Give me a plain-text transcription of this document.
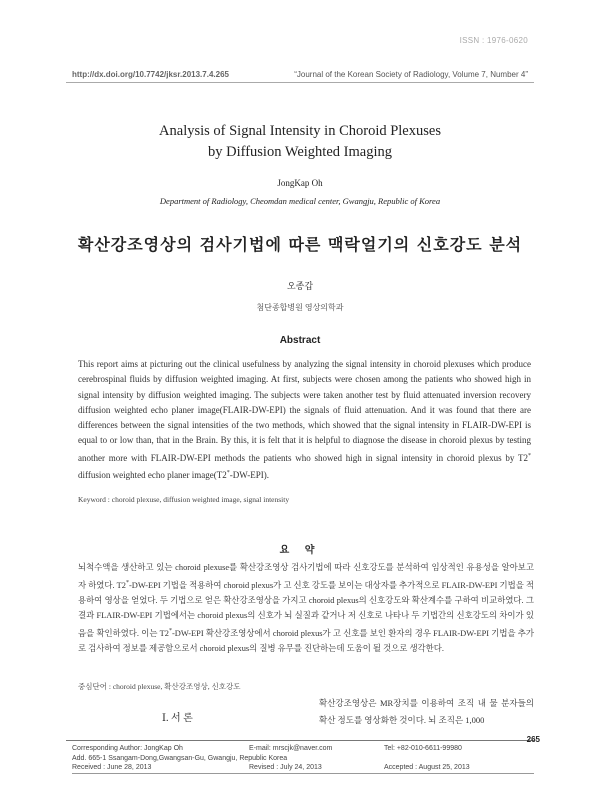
ISSN : 1976-0620
http://dx.doi.org/10.7742/jksr.2013.7.4.265	“Journal of the Korean Society of Radiology, Volume 7, Number 4”
Analysis of Signal Intensity in Choroid Plexuses
by Diffusion Weighted Imaging
JongKap Oh
Department of Radiology, Cheomdan medical center, Gwangju, Republic of Korea
확산강조영상의 검사기법에 따른 맥락얼기의 신호강도 분석
오종갑
첨단종합병원 영상의학과
Abstract

This report aims at picturing out the clinical usefulness by analyzing the signal intensity in choroid plexuses which produce cerebrospinal fluids by diffusion weighted imaging. At first, subjects were chosen among the patients who showed high in signal intensity by diffusion weighted imaging. The subjects were taken another test by fluid attenuated inversion recovery diffusion weighted echo planer image(FLAIR-DW-EPI) the signals of fluid attenuation. And it was found that there are differences between the signal intensities of the two methods, which showed that the signal intensity in FLAIR-DW-EPI is equal to or low than, that in the Brain. By this, it is felt that it is helpful to diagnose the disease in choroid plexus by testing another more with FLAIR-DW-EPI methods the patients who showed high in signal intensity in choroid plexus by T2* diffusion weighted echo planer image(T2*-DW-EPI).

Keyword : choroid plexuse, diffusion weighted image, signal intensity
요 약

뇌척수액을 생산하고 있는 choroid plexuse를 확산강조영상 검사기법에 따라 신호강도를 분석하여 임상적인 유용성을 알아보고자 하였다. T2*-DW-EPI 기법을 적용하여 choroid plexus가 고 신호 강도를 보이는 대상자를 추가적으로 FLAIR-DW-EPI 기법을 적용하여 영상을 얻었다. 두 기법으로 얻은 확산강조영상을 가지고 choroid plexus의 신호강도와 확산계수를 구하여 비교하였다. 그 결과 FLAIR-DW-EPI 기법에서는 choroid plexus의 신호가 뇌 실질과 같거나 저 신호로 나타나 두 기법간의 신호강도의 차이가 있음을 확인하였다. 이는 T2*-DW-EPI 확산강조영상에서 choroid plexus가 고 신호를 보인 환자의 경우 FLAIR-DW-EPI 기법을 추가로 검사하여 정보를 제공함으로서 choroid plexus의 질병 유무를 진단하는데 도움이 될 것으로 생각한다.

중심단어 : choroid plexuse, 확산강조영상, 신호강도
Ⅰ. 서 론

확산강조영상은 MR장치를 이용하여 조직 내 물 분자들의 확산 정도를 영상화한 것이다. 뇌 조직은 1,000

265
Corresponding Author: JongKap Oh	E-mail: mrscjk@naver.com	Tel: +82-010-6611-99980
Add. 665-1 Ssangam-Dong,Gwangsan-Gu, Gwangju, Republic Korea
Received : June 28, 2013	Revised : July 24, 2013	Accepted : August 25, 2013
